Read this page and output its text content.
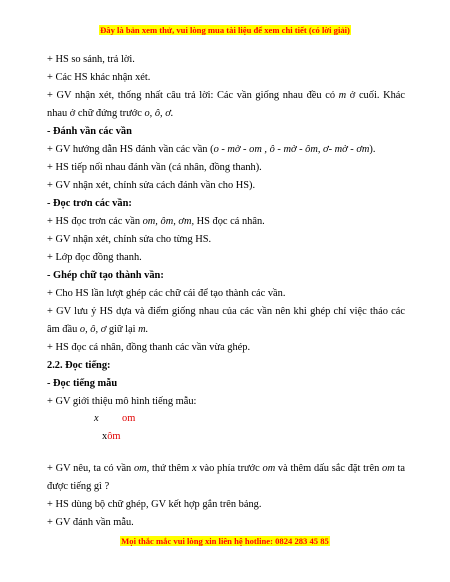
Đây là bản xem thử, vui lòng mua tài liệu để xem chi tiết (có lời giải)
+ HS so sánh, trả lời.
+ Các HS khác nhận xét.
+ GV nhận xét, thống nhất câu trả lời: Các vần giống nhau đều có m ở cuối. Khác
nhau ở chữ đứng trước o, ô, ơ.
- Đánh vần các vần
+ GV hướng dẫn HS đánh vần các vần (o - mờ - om , ô - mờ - ôm, ơ- mờ - ơm).
+ HS tiếp nối nhau đánh vần (cá nhân, đồng thanh).
+ GV nhận xét, chỉnh sửa cách đánh vần cho HS).
- Đọc trơn các vần:
+ HS đọc trơn các vần om, ôm, ơm, HS đọc cá nhân.
+ GV nhận xét, chỉnh sửa cho từng HS.
+ Lớp đọc đồng thanh.
- Ghép chữ tạo thành vần:
+ Cho HS lần lượt ghép các chữ cái để tạo thành các vần.
+ GV lưu ý HS dựa và điểm giống nhau của các vần nên khi ghép chỉ việc tháo các
âm đầu o, ô, ơ giữ lại m.
+ HS đọc cá nhân, đồng thanh các vần vừa ghép.
2.2. Đọc tiếng:
- Đọc tiếng mẫu
+ GV giới thiệu mô hình tiếng mẫu:
x om
xôm
+ GV nêu, ta có vần om, thứ thêm x vào phía trước om và thêm dấu sắc đặt trên om ta
được tiếng gì ?
+ HS dùng bộ chữ ghép, GV kết hợp gắn trên bảng.
+ GV đánh vần mẫu.
Mọi thắc mắc vui lòng xin liên hệ hotline: 0824 283 45 85
